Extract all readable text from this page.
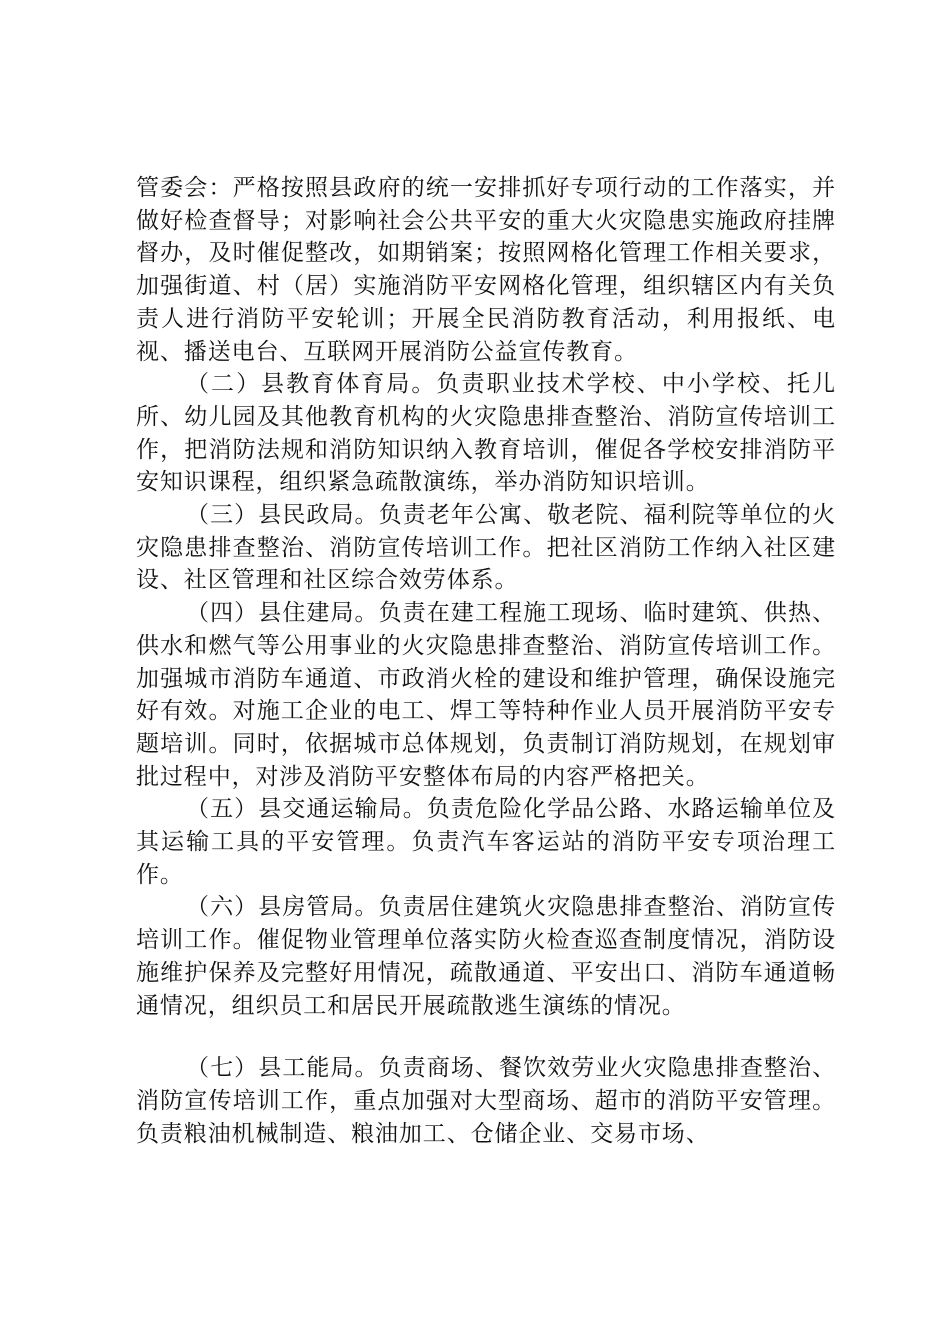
管委会：严格按照县政府的统一安排抓好专项行动的工作落实，并做好检查督导；对影响社会公共平安的重大火灾隐患实施政府挂牌督办，及时催促整改，如期销案；按照网格化管理工作相关要求，加强街道、村（居）实施消防平安网格化管理，组织辖区内有关负责人进行消防平安轮训；开展全民消防教育活动，利用报纸、电视、播送电台、互联网开展消防公益宣传教育。

（二）县教育体育局。负责职业技术学校、中小学校、托儿所、幼儿园及其他教育机构的火灾隐患排查整治、消防宣传培训工作，把消防法规和消防知识纳入教育培训，催促各学校安排消防平安知识课程，组织紧急疏散演练，举办消防知识培训。

（三）县民政局。负责老年公寓、敬老院、福利院等单位的火灾隐患排查整治、消防宣传培训工作。把社区消防工作纳入社区建设、社区管理和社区综合效劳体系。

（四）县住建局。负责在建工程施工现场、临时建筑、供热、供水和燃气等公用事业的火灾隐患排查整治、消防宣传培训工作。加强城市消防车通道、市政消火栓的建设和维护管理，确保设施完好有效。对施工企业的电工、焊工等特种作业人员开展消防平安专题培训。同时，依据城市总体规划，负责制订消防规划，在规划审批过程中，对涉及消防平安整体布局的内容严格把关。

（五）县交通运输局。负责危险化学品公路、水路运输单位及其运输工具的平安管理。负责汽车客运站的消防平安专项治理工作。

（六）县房管局。负责居住建筑火灾隐患排查整治、消防宣传培训工作。催促物业管理单位落实防火检查巡查制度情况，消防设施维护保养及完整好用情况，疏散通道、平安出口、消防车通道畅通情况，组织员工和居民开展疏散逃生演练的情况。

（七）县工能局。负责商场、餐饮效劳业火灾隐患排查整治、消防宣传培训工作，重点加强对大型商场、超市的消防平安管理。负责粮油机械制造、粮油加工、仓储企业、交易市场、
